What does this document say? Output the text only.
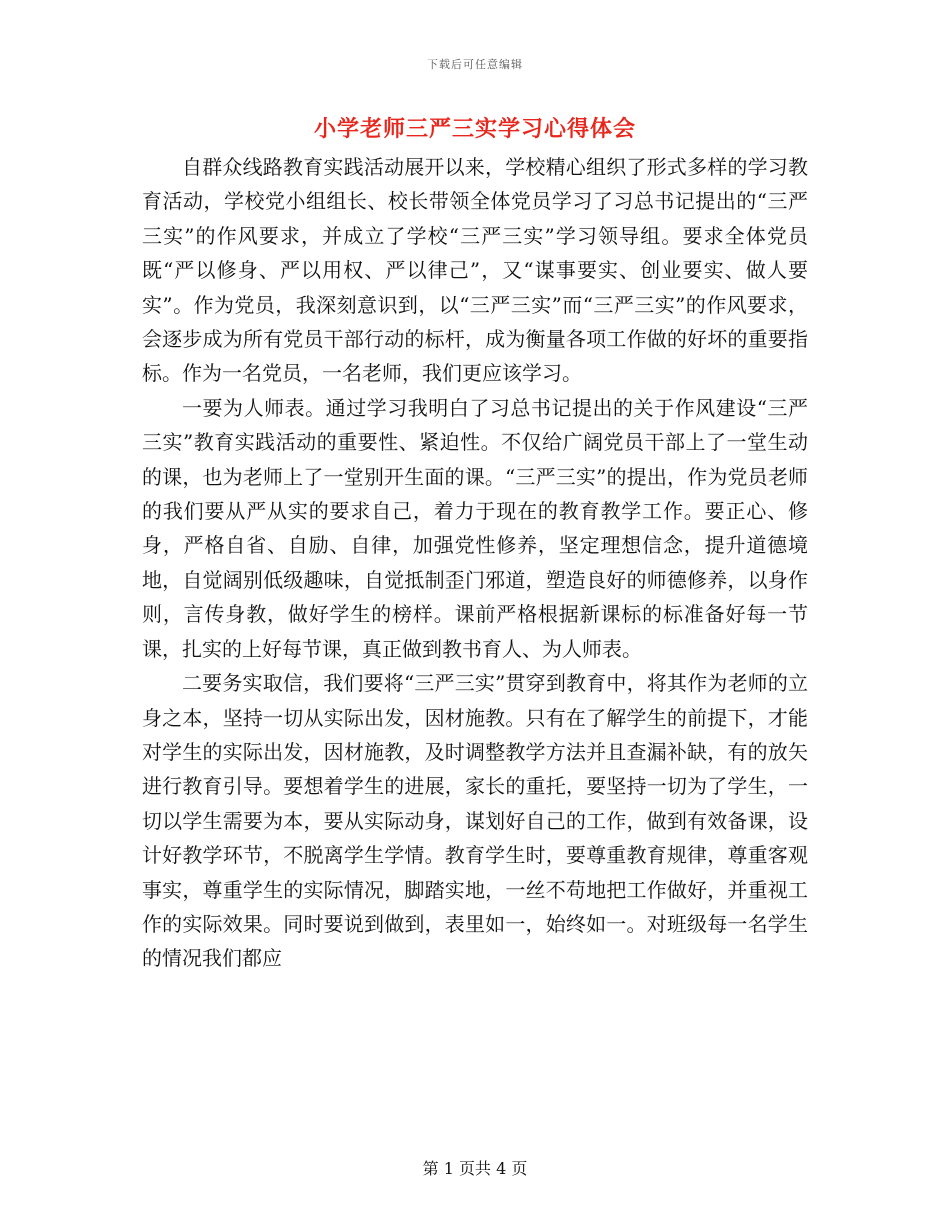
下载后可任意编辑
小学老师三严三实学习心得体会

自群众线路教育实践活动展开以来，学校精心组织了形式多样的学习教育活动，学校党小组组长、校长带领全体党员学习了习总书记提出的“三严三实”的作风要求，并成立了学校“三严三实”学习领导组。要求全体党员既“严以修身、严以用权、严以律己”，又“谋事要实、创业要实、做人要实”。作为党员，我深刻意识到，以“三严三实”而“三严三实”的作风要求，会逐步成为所有党员干部行动的标杆，成为衡量各项工作做的好坏的重要指标。作为一名党员，一名老师，我们更应该学习。

一要为人师表。通过学习我明白了习总书记提出的关于作风建设“三严三实”教育实践活动的重要性、紧迫性。不仅给广阔党员干部上了一堂生动的课，也为老师上了一堂别开生面的课。“三严三实”的提出，作为党员老师的我们要从严从实的要求自己，着力于现在的教育教学工作。要正心、修身，严格自省、自励、自律，加强党性修养，坚定理想信念，提升道德境地，自觉阔别低级趣味，自觉抵制歪门邪道，塑造良好的师德修养，以身作则，言传身教，做好学生的榜样。课前严格根据新课标的标准备好每一节课，扎实的上好每节课，真正做到教书育人、为人师表。

二要务实取信，我们要将“三严三实”贯穿到教育中，将其作为老师的立身之本，坚持一切从实际出发，因材施教。只有在了解学生的前提下，才能对学生的实际出发，因材施教，及时调整教学方法并且查漏补缺，有的放矢进行教育引导。要想着学生的进展，家长的重托，要坚持一切为了学生，一切以学生需要为本，要从实际动身，谋划好自己的工作，做到有效备课，设计好教学环节，不脱离学生学情。教育学生时，要尊重教育规律，尊重客观事实，尊重学生的实际情况，脚踏实地，一丝不苟地把工作做好，并重视工作的实际效果。同时要说到做到，表里如一，始终如一。对班级每一名学生的情况我们都应

第 1 页共 4 页
